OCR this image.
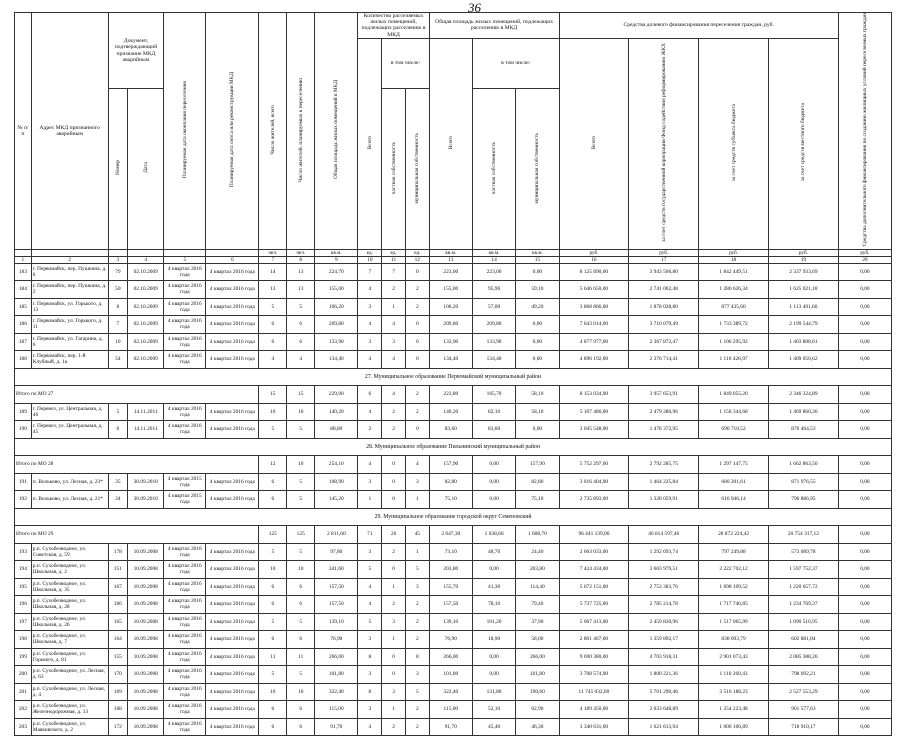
36
№ п/п	Адрес МКД признанного аварийным	Документ, подтверждающий признание МКД аварийным		Планируемая дата окончания переселения	Планируемая дата сноса или реконструкции МКД	Число жителей, всего	Число жителей, планируемых к переселению	Общая площадь жилых помещений в МКД	Количество расселяемых жилых помещений, подлежащих расселению в МКД			Общая площадь жилых помещений, подлежащих расселению в МКД			Средства долевого финансирования переселения граждан, руб.				Средства дополнительного финансирования по созданию жилищных условий переселяемых граждан
									Всего	в том числе:		Всего	в том числе:		Всего	за счет средств государственной корпорации Фонд содействия реформированию ЖКХ	за счет средств субъекта бюджета	за счет средств местного бюджета	
		Номер	Дата							частная собственность	муниципальная собственность		частная собственность	муниципальная собственность					
						чел.	чел.	кв.м.	ед.	ед.	ед.	кв.м.	кв.м.	кв.м.	руб.	руб.	руб.	руб.	руб.
1	2	3	4	5	6	7	8	9	10	11	12	13	14	15	16	17	18	19	20
183	г. Первомайск, пер. Пушкина, д. 6	79	02.10.2009	4 квартал 2016 года	4 квартал 2016 года	14	13	224,70	7	7	0	223,00	223,00	0,00	8 125 890,00	3 943 506,80	1 842 449,51	2 337 933,69	0,00
184	г. Первомайск, пер. Пушкина, д. 2	50	02.10.2009	4 квартал 2016 года	4 квартал 2016 года	13	13	155,00	4	2	2	155,00	95,90	59,10	5 646 650,00	2 741 002,48	1 280 626,34	1 625 021,18	0,00
185	г. Первомайск, ул. Горького, д. 13	8	02.10.2009	4 квартал 2016 года	4 квартал 2016 года	5	5	106,20	3	1	2	106,20	57,00	49,20	3 868 866,00	1 878 028,80	877 435,60	1 113 401,60	0,00
186	г. Первомайск, ул. Горького, д. 11	7	02.10.2009	4 квартал 2016 года	4 квартал 2016 года	6	6	209,80	4	4	0	209,80	209,80	0,00	7 643 014,00	3 710 079,49	1 733 389,72	2 199 544,79	0,00
187	г. Первомайск, ул. Гагарина, д. 6	10	02.10.2009	4 квартал 2016 года	4 квартал 2016 года	6	6	133,90	3	3	0	133,90	133,90	0,00	4 877 977,00	2 367 872,47	1 106 295,92	1 403 808,61	0,00
188	г. Первомайск, пер. 1-й Клубный, д. 1а	54	02.10.2009	4 квартал 2016 года	4 квартал 2016 года	4	4	134,40	4	4	0	134,40	134,40	0,00	4 896 192,00	2 376 714,41	1 110 426,97	1 409 050,62	0,00
27. Муниципальное образование Первомайский муниципальный район																			
Итого по МО 27						15	15	229,00	6	4	2	223,80	165,70	58,10	8 153 034,00	3 957 653,91	1 849 055,20	2 346 324,89	0,00
189	г. Перевоз, ул. Центральная, д. 46	5	14.11.2011	4 квартал 2016 года	4 квартал 2016 года	10	10	140,20	4	2	2	140,20	82,10	58,10	5 107 486,00	2 479 280,96	1 158 344,68	1 469 860,36	0,00
190	г. Перевоз, ул. Центральная, д. 45	6	14.11.2011	4 квартал 2016 года	4 квартал 2016 года	5	5	88,80	2	2	0	83,60	83,60	0,00	3 045 548,00	1 478 372,95	690 710,52	876 464,53	0,00
28. Муниципальное образование Пильнинский муниципальный район																			
Итого по МО 28						12	10	254,10	4	0	4	157,90	0,00	157,90	5 752 297,00	2 792 285,75	1 297 147,75	1 662 863,50	0,00
191	п. Вольково, ул. Лесная, д. 23*	35	30.09.2010	4 квартал 2015 года	4 квартал 2016 года	6	5	108,90	3	0	3	82,80	0,00	82,80	3 016 404,00	1 464 225,84	680 201,61	871 976,55	0,00
192	п. Вольково, ул. Лесная, д. 21*	34	30.09.2010	4 квартал 2015 года	4 квартал 2016 года	6	5	145,20	1	0	1	75,10	0,00	75,10	2 735 893,00	1 328 059,91	616 946,14	790 886,95	0,00
29. Муниципальное образование городской округ Семеновский																			
Итого по МО 29						125	125	2 811,60	71	26	45	2 647,30	1 038,60	1 608,70	96 441 139,00	46 814 597,46	28 872 224,42	20 754 317,12	0,00
193	р.п. Сухобезводное, ул. Советская, д. 59	178	10.09.2008	4 квартал 2016 года	4 квартал 2016 года	5	5	97,80	3	2	1	73,10	48,70	24,40	2 663 033,00	1 292 693,74	797 249,88	573 089,78	0,00
194	р.п. Сухобезводное, ул. Школьная, д. 2	151	10.09.2008	4 квартал 2016 года	4 квартал 2016 года	10	10	341,60	5	0	5	203,80	0,00	203,80	7 424 434,00	3 603 979,51	2 222 702,12	1 597 752,37	0,00
195	р.п. Сухобезводное, ул. Школьная, д. 35	167	10.09.2008	4 квартал 2016 года	4 квартал 2016 года	6	6	157,50	4	1	3	155,70	41,30	114,40	5 672 151,00	2 753 383,76	1 698 109,52	1 220 657,72	0,00
196	р.п. Сухобезводное, ул. Школьная, д. 28	166	10.09.2008	4 квартал 2016 года	4 квартал 2016 года	6	6	157,50	4	2	2	157,50	78,10	79,40	5 737 725,00	2 785 214,78	1 717 740,85	1 234 769,37	0,00
197	р.п. Сухобезводное, ул. Школьная, д. 26	165	10.09.2008	4 квартал 2016 года	4 квартал 2016 года	5	5	139,10	5	3	2	139,10	101,20	37,90	5 067 413,00	2 459 830,96	1 517 065,99	1 090 516,95	0,00
198	р.п. Сухобезводное, ул. Школьная, д. 7	164	10.09.2008	4 квартал 2016 года	4 квартал 2016 года	6	6	76,90	3	1	2	76,90	18,90	58,00	2 801 467,00	1 359 892,17	838 693,79	602 881,04	0,00
199	р.п. Сухобезводное, ул. Горького, д. 81	155	10.09.2008	4 квартал 2016 года	4 квартал 2016 года	11	11	266,00	8	0	8	266,00	0,00	266,00	9 690 380,00	4 703 918,31	2 901 073,43	2 085 388,26	0,00
200	р.п. Сухобезводное, ул. Лесная, д. 63	170	10.09.2008	4 квартал 2016 года	4 квартал 2016 года	5	5	101,80	3	0	3	101,80	0,00	101,80	3 708 574,00	1 800 221,36	1 110 260,43	798 092,21	0,00
201	р.п. Сухобезводное, ул. Лесная, д. 4	169	10.09.2008	4 квартал 2016 года	4 квартал 2016 года	10	10	322,40	8	3	5	322,40	131,80	190,60	11 745 032,00	5 701 290,46	3 516 188,23	2 527 553,29	0,00
202	р.п. Сухобезводное, ул. Железнодорожная, д. 13	168	10.09.2008	4 квартал 2016 года	4 квартал 2016 года	6	6	115,00	3	1	2	115,00	52,10	62,90	4 189 450,00	2 033 648,89	1 254 223,48	901 577,63	0,00
203	р.п. Сухобезводное, ул. Маяковского, д. 2	172	10.09.2008	4 квартал 2016 года	4 квартал 2016 года	6	6	91,70	4	2	2	91,70	45,40	46,30	3 340 631,00	1 621 613,94	1 000 106,89	718 910,17	0,00
